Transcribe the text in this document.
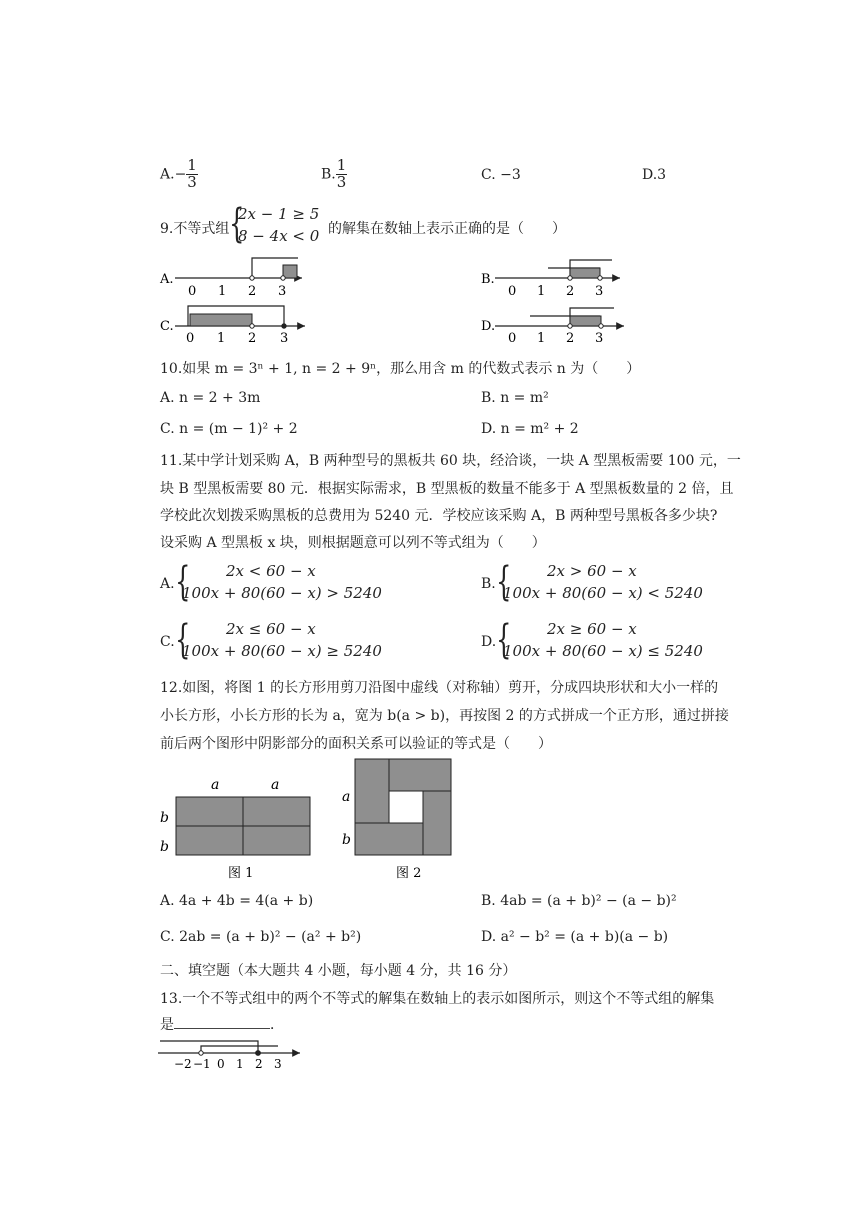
$A.- \frac{1}{3}$	B. $\frac{1}{3}$	C. −3	D.3
9.不等式组 {
2x − 1 ≥ 5
8 − 4x < 0 的解集在数轴上表示正确的是（　　）
A.
0 1 2 3
B.
0 1 2 3
C.
0 1 2 3
D.
0 1 2 3
10.如果 m = 3ⁿ + 1, n = 2 + 9ⁿ，那么用含 m 的代数式表示 n 为（　　）
A. n = 2 + 3m	B. n = m²
C. n = (m − 1)² + 2	D. n = m² + 2
11.某中学计划采购 A，B 两种型号的黑板共 60 块，经洽谈，一块 A 型黑板需要 100 元，一
块 B 型黑板需要 80 元．根据实际需求，B 型黑板的数量不能多于 A 型黑板数量的 2 倍，且
学校此次划拨采购黑板的总费用为 5240 元．学校应该采购 A，B 两种型号黑板各多少块?
设采购 A 型黑板 x 块，则根据题意可以列不等式组为（　　）
A. {	2x < 60 − x
100x + 80(60 − x) > 5240	B. {	2x > 60 − x
100x + 80(60 − x) < 5240
C. {	2x ≤ 60 − x
100x + 80(60 − x) ≥ 5240	D. {	2x ≥ 60 − x
100x + 80(60 − x) ≤ 5240
12.如图，将图 1 的长方形用剪刀沿图中虚线（对称轴）剪开，分成四块形状和大小一样的
小长方形，小长方形的长为 a，宽为 b(a > b)，再按图 2 的方式拼成一个正方形，通过拼接
前后两个图形中阴影部分的面积关系可以验证的等式是（　　）
a	a
b
b
图 1
a
b
图 2
A. 4a + 4b = 4(a + b)	B. 4ab = (a + b)² − (a − b)²
C. 2ab = (a + b)² − (a² + b²)	D. a² − b² = (a + b)(a − b)
二、填空题（本大题共 4 小题，每小题 4 分，共 16 分）
13.一个不等式组中的两个不等式的解集在数轴上的表示如图所示，则这个不等式组的解集
是	．
−2 −1 0 1 2 3
